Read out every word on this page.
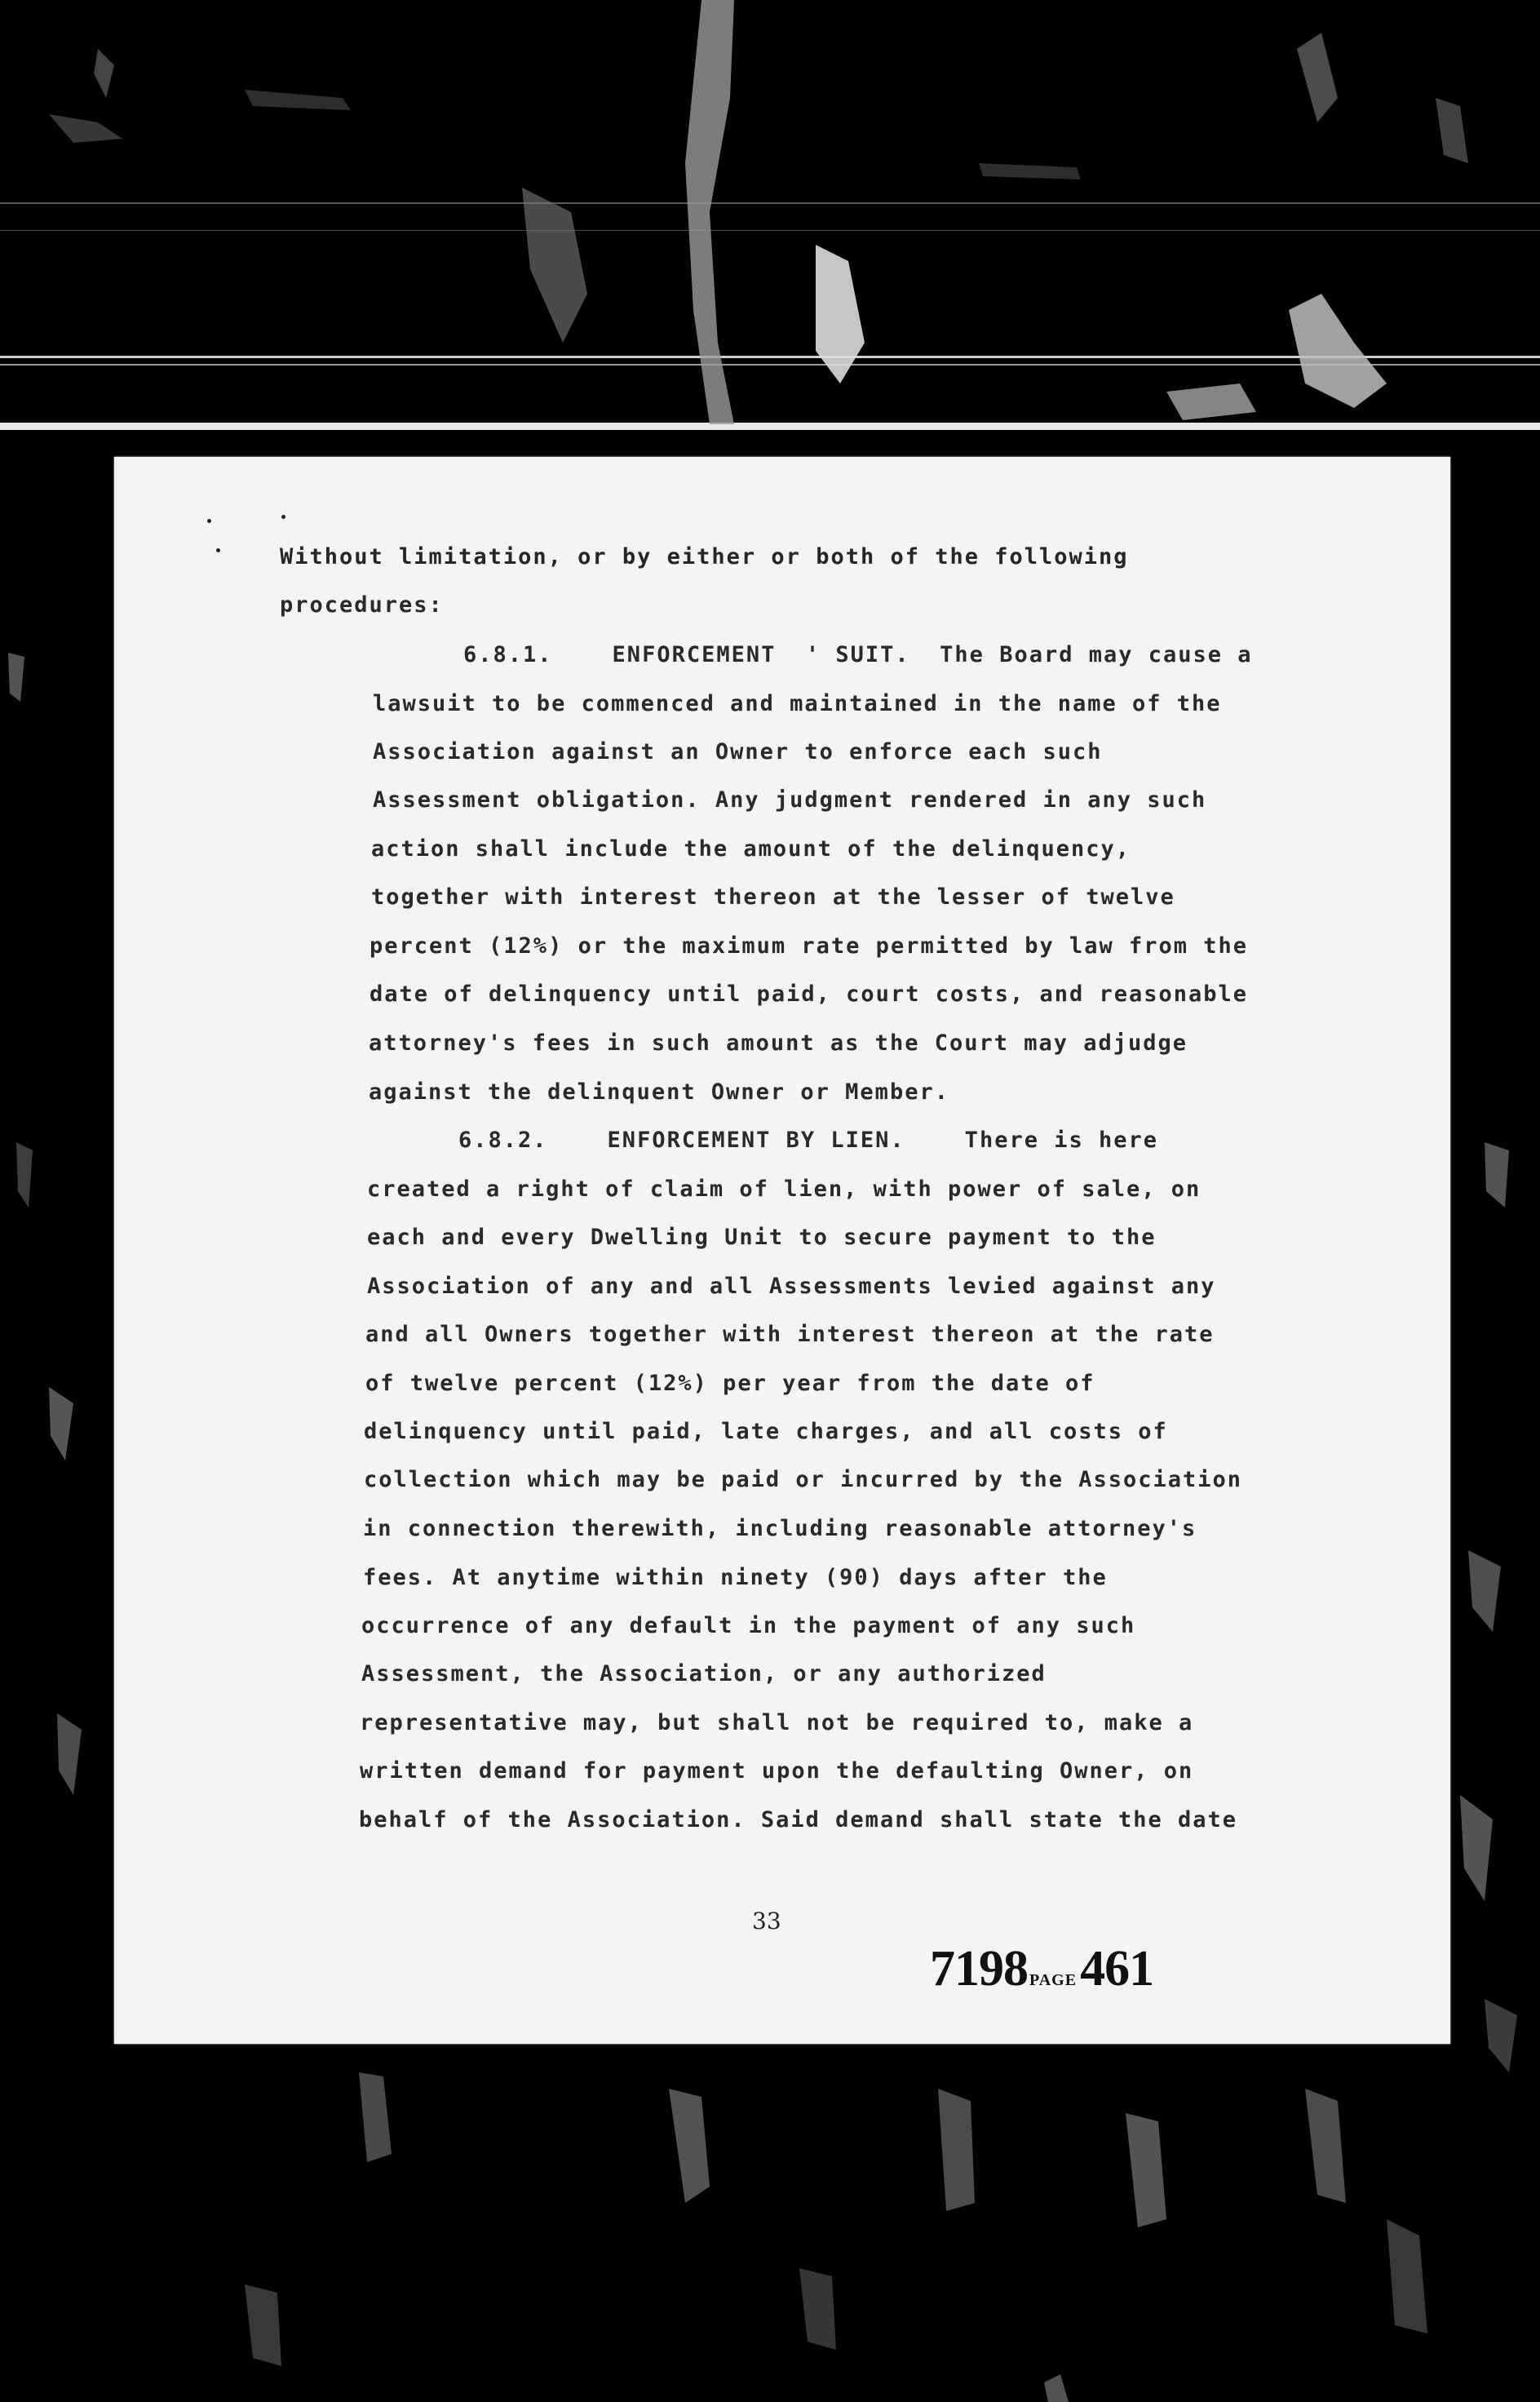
Without limitation, or by either or both of the following
procedures:
6.8.1.    ENFORCEMENT  ' SUIT.  The Board may cause a
lawsuit to be commenced and maintained in the name of the
Association against an Owner to enforce each such
Assessment obligation. Any judgment rendered in any such
action shall include the amount of the delinquency,
together with interest thereon at the lesser of twelve
percent (12%) or the maximum rate permitted by law from the
date of delinquency until paid, court costs, and reasonable
attorney's fees in such amount as the Court may adjudge
against the delinquent Owner or Member.
6.8.2.    ENFORCEMENT BY LIEN.    There is here
created a right of claim of lien, with power of sale, on
each and every Dwelling Unit to secure payment to the
Association of any and all Assessments levied against any
and all Owners together with interest thereon at the rate
of twelve percent (12%) per year from the date of
delinquency until paid, late charges, and all costs of
collection which may be paid or incurred by the Association
in connection therewith, including reasonable attorney's
fees. At anytime within ninety (90) days after the
occurrence of any default in the payment of any such
Assessment, the Association, or any authorized
representative may, but shall not be required to, make a
written demand for payment upon the defaulting Owner, on
behalf of the Association. Said demand shall state the date
33
7198 PAGE461
